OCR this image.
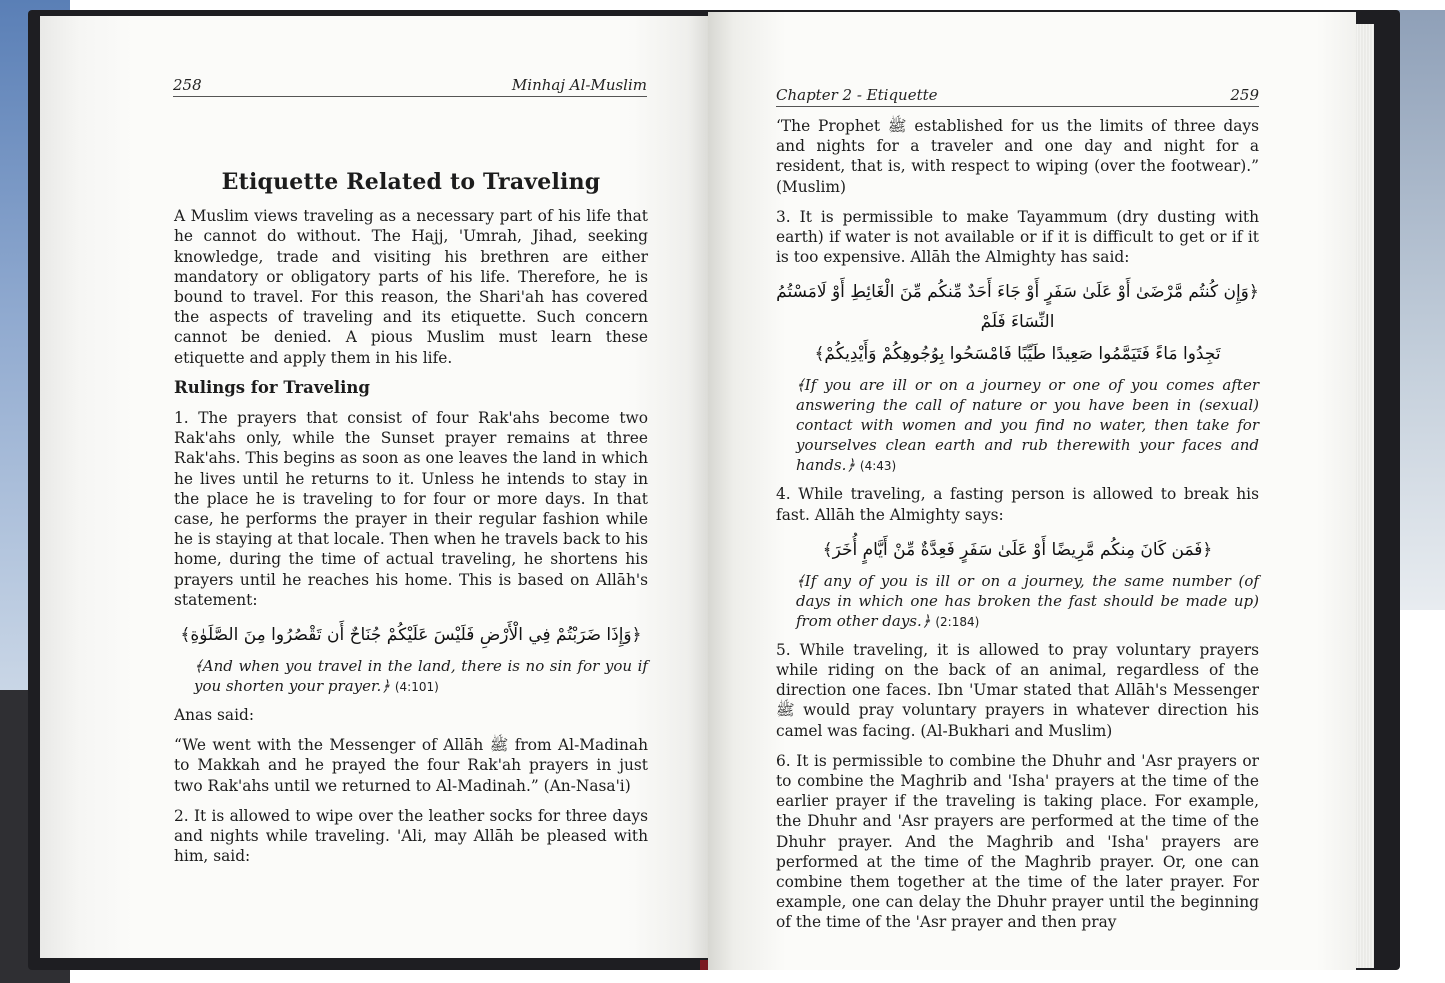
258	Minhaj Al-Muslim
Etiquette Related to Traveling

A Muslim views traveling as a necessary part of his life that he cannot do without. The Hajj, 'Umrah, Jihad, seeking knowledge, trade and visiting his brethren are either mandatory or obligatory parts of his life. Therefore, he is bound to travel. For this reason, the Shari'ah has covered the aspects of traveling and its etiquette. Such concern cannot be denied. A pious Muslim must learn these etiquette and apply them in his life.

Rulings for Traveling

1. The prayers that consist of four Rak'ahs become two Rak'ahs only, while the Sunset prayer remains at three Rak'ahs. This begins as soon as one leaves the land in which he lives until he returns to it. Unless he intends to stay in the place he is traveling to for four or more days. In that case, he performs the prayer in their regular fashion while he is staying at that locale. Then when he travels back to his home, during the time of actual traveling, he shortens his prayers until he reaches his home. This is based on Allāh's statement:

﴿وَإِذَا ضَرَبْتُمْ فِي الْأَرْضِ فَلَيْسَ عَلَيْكُمْ جُنَاحٌ أَن تَقْصُرُوا مِنَ الصَّلَوٰةِ﴾
﴾And when you travel in the land, there is no sin for you if you shorten your prayer.﴿ (4:101)

Anas said:

“We went with the Messenger of Allāh ﷺ from Al-Madinah to Makkah and he prayed the four Rak'ah prayers in just two Rak'ahs until we returned to Al-Madinah.” (An-Nasa'i)

2. It is allowed to wipe over the leather socks for three days and nights while traveling. 'Ali, may Allāh be pleased with him, said:

Chapter 2 - Etiquette	259

‘The Prophet ﷺ established for us the limits of three days and nights for a traveler and one day and night for a resident, that is, with respect to wiping (over the footwear).” (Muslim)

3. It is permissible to make Tayammum (dry dusting with earth) if water is not available or if it is difficult to get or if it is too expensive. Allāh the Almighty has said:

﴿وَإِن كُنتُم مَّرْضَىٰ أَوْ عَلَىٰ سَفَرٍ أَوْ جَاءَ أَحَدٌ مِّنكُم مِّنَ الْغَائِطِ أَوْ لَامَسْتُمُ النِّسَاءَ فَلَمْ
تَجِدُوا مَاءً فَتَيَمَّمُوا صَعِيدًا طَيِّبًا فَامْسَحُوا بِوُجُوهِكُمْ وَأَيْدِيكُمْ﴾
﴾If you are ill or on a journey or one of you comes after answering the call of nature or you have been in (sexual) contact with women and you find no water, then take for yourselves clean earth and rub therewith your faces and hands.﴿ (4:43)

4. While traveling, a fasting person is allowed to break his fast. Allāh the Almighty says:

﴿فَمَن كَانَ مِنكُم مَّرِيضًا أَوْ عَلَىٰ سَفَرٍ فَعِدَّةٌ مِّنْ أَيَّامٍ أُخَرَ﴾
﴾If any of you is ill or on a journey, the same number (of days in which one has broken the fast should be made up) from other days.﴿ (2:184)

5. While traveling, it is allowed to pray voluntary prayers while riding on the back of an animal, regardless of the direction one faces. Ibn 'Umar stated that Allāh's Messenger ﷺ would pray voluntary prayers in whatever direction his camel was facing. (Al-Bukhari and Muslim)

6. It is permissible to combine the Dhuhr and 'Asr prayers or to combine the Maghrib and 'Isha' prayers at the time of the earlier prayer if the traveling is taking place. For example, the Dhuhr and 'Asr prayers are performed at the time of the Dhuhr prayer. And the Maghrib and 'Isha' prayers are performed at the time of the Maghrib prayer. Or, one can combine them together at the time of the later prayer. For example, one can delay the Dhuhr prayer until the beginning of the time of the 'Asr prayer and then pray
